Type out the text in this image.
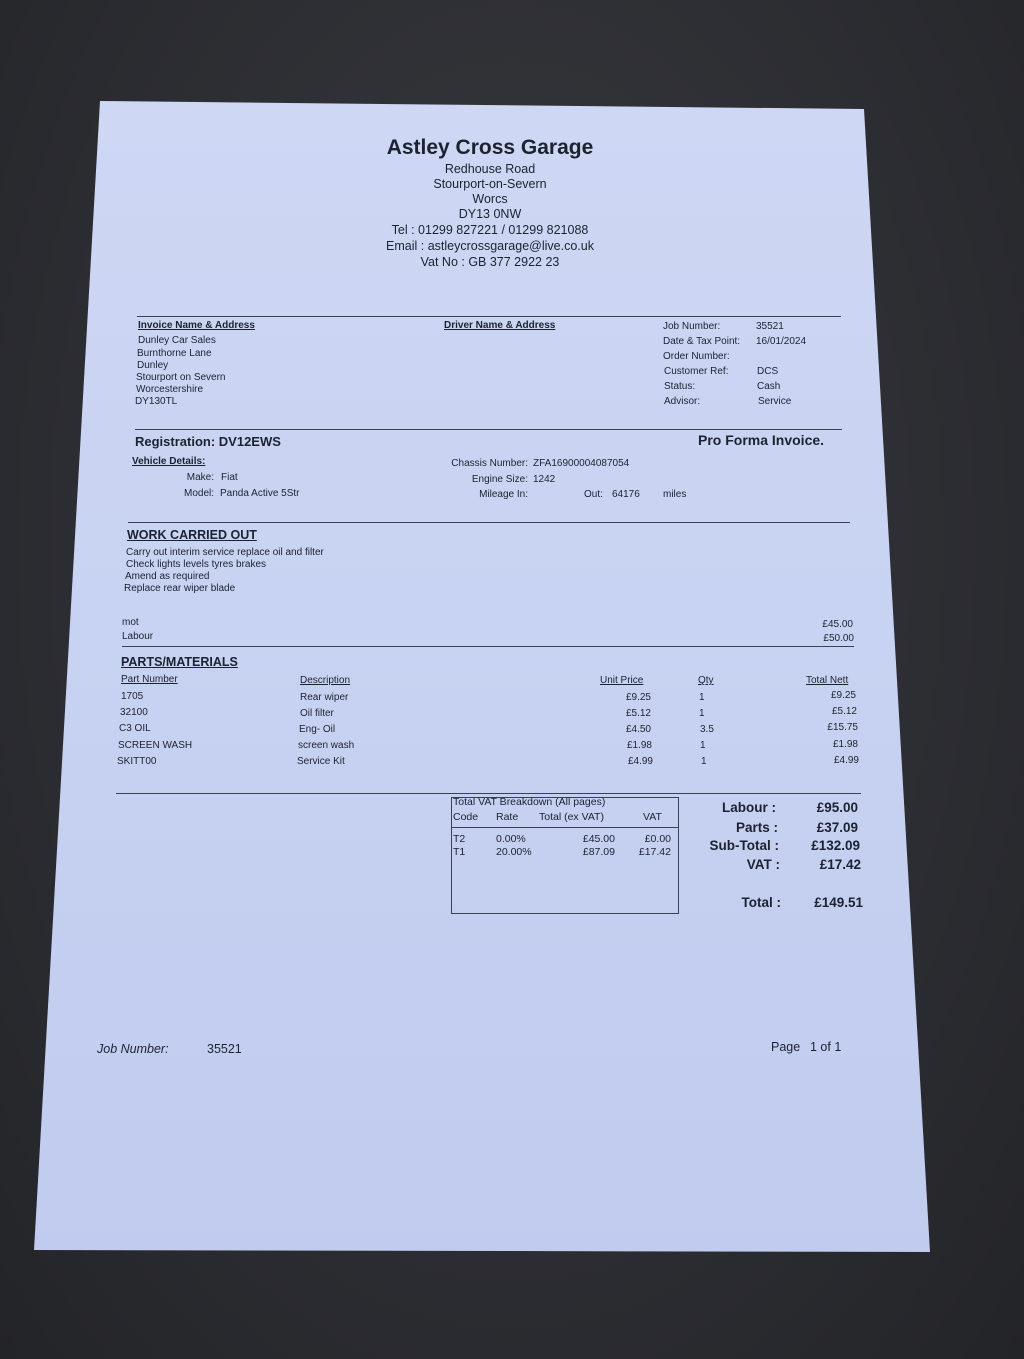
Astley Cross Garage
Redhouse Road
Stourport-on-Severn
Worcs
DY13 0NW
Tel : 01299 827221 / 01299 821088
Email : astleycrossgarage@live.co.uk
Vat No : GB 377 2922 23
Invoice Name & Address
Dunley Car Sales
Burnthorne Lane
Dunley
Stourport on Severn
Worcestershire
DY130TL
Driver Name & Address	Job Number:	35521
Date & Tax Point: 16/01/2024
Order Number:
Customer Ref:	DCS
Status:	Cash
Advisor:	Service
Registration: DV12EWS	Pro Forma Invoice.
Vehicle Details:
Make: Fiat
Model: Panda Active 5Str
Chassis Number: ZFA16900004087054
Engine Size: 1242
Mileage In:	Out: 64176 miles
WORK CARRIED OUT
Carry out interim service replace oil and filter
Check lights levels tyres brakes
Amend as required
Replace rear wiper blade
mot	£45.00
Labour	£50.00
PARTS/MATERIALS
Part Number	Description	Unit Price	Qty	Total Nett
1705	Rear wiper	£9.25	1	£9.25
32100	Oil filter	£5.12	1	£5.12
C3 OIL	Eng- Oil	£4.50	3.5	£15.75
SCREEN WASH	screen wash	£1.98	1	£1.98
SKITT00	Service Kit	£4.99	1	£4.99
Total VAT Breakdown (All pages)
Code Rate Total (ex VAT)	VAT
T2	0.00%	£45.00	£0.00
T1	20.00%	£87.09	£17.42
Labour :	£95.00
Parts :	£37.09
Sub-Total :	£132.09
VAT :	£17.42
Total :	£149.51
Job Number:	35521	Page 1 of 1
